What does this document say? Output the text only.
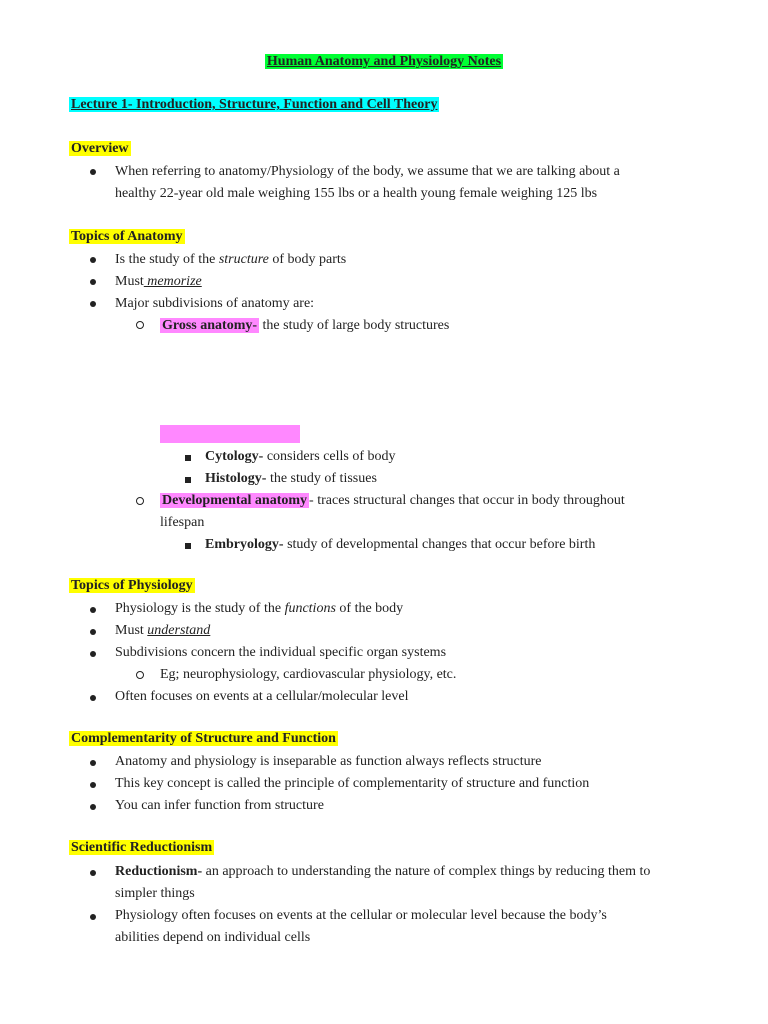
Human Anatomy and Physiology Notes
Lecture 1- Introduction, Structure, Function and Cell Theory
Overview
When referring to anatomy/Physiology of the body, we assume that we are talking about a
healthy 22-year old male weighing 155 lbs or a health young female weighing 125 lbs
Topics of Anatomy
Is the study of the structure of body parts
Must memorize
Major subdivisions of anatomy are:
Gross anatomy- the study of large body structures
Cytology- considers cells of body
Histology- the study of tissues
Developmental anatomy - traces structural changes that occur in body throughout
lifespan
Embryology- study of developmental changes that occur before birth
Topics of Physiology
Physiology is the study of the functions of the body
Must understand
Subdivisions concern the individual specific organ systems
Eg; neurophysiology, cardiovascular physiology, etc.
Often focuses on events at a cellular/molecular level
Complementarity of Structure and Function
Anatomy and physiology is inseparable as function always reflects structure
This key concept is called the principle of complementarity of structure and function
You can infer function from structure
Scientific Reductionism
Reductionism- an approach to understanding the nature of complex things by reducing them to
simpler things
Physiology often focuses on events at the cellular or molecular level because the body’s
abilities depend on individual cells
